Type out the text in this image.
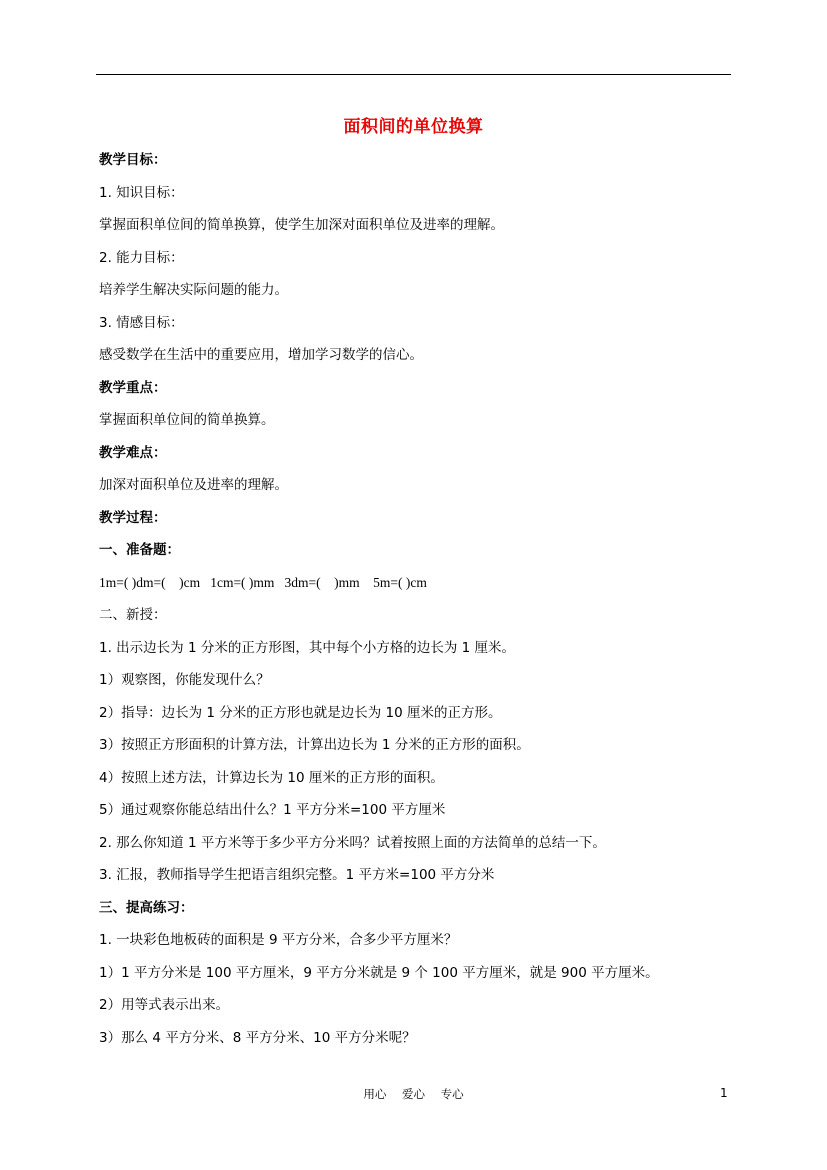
面积间的单位换算
教学目标：
1. 知识目标：
掌握面积单位间的简单换算，使学生加深对面积单位及进率的理解。
2. 能力目标：
培养学生解决实际问题的能力。
3. 情感目标：
感受数学在生活中的重要应用，增加学习数学的信心。
教学重点：
掌握面积单位间的简单换算。
教学难点：
加深对面积单位及进率的理解。
教学过程：
一、准备题：
1m=( )dm=(    )cm   1cm=( )mm   3dm=(    )mm    5m=( )cm
二、新授：
1. 出示边长为 1 分米的正方形图，其中每个小方格的边长为 1 厘米。
1）观察图，你能发现什么？
2）指导：边长为 1 分米的正方形也就是边长为 10 厘米的正方形。
3）按照正方形面积的计算方法，计算出边长为 1 分米的正方形的面积。
4）按照上述方法，计算边长为 10 厘米的正方形的面积。
5）通过观察你能总结出什么？1 平方分米=100 平方厘米
2. 那么你知道 1 平方米等于多少平方分米吗？试着按照上面的方法简单的总结一下。
3. 汇报，教师指导学生把语言组织完整。1 平方米=100 平方分米
三、提高练习：
1. 一块彩色地板砖的面积是 9 平方分米，合多少平方厘米？
1）1 平方分米是 100 平方厘米，9 平方分米就是 9 个 100 平方厘米，就是 900 平方厘米。
2）用等式表示出来。
3）那么 4 平方分米、8 平方分米、10 平方分米呢？
用心 爱心 专心	1
